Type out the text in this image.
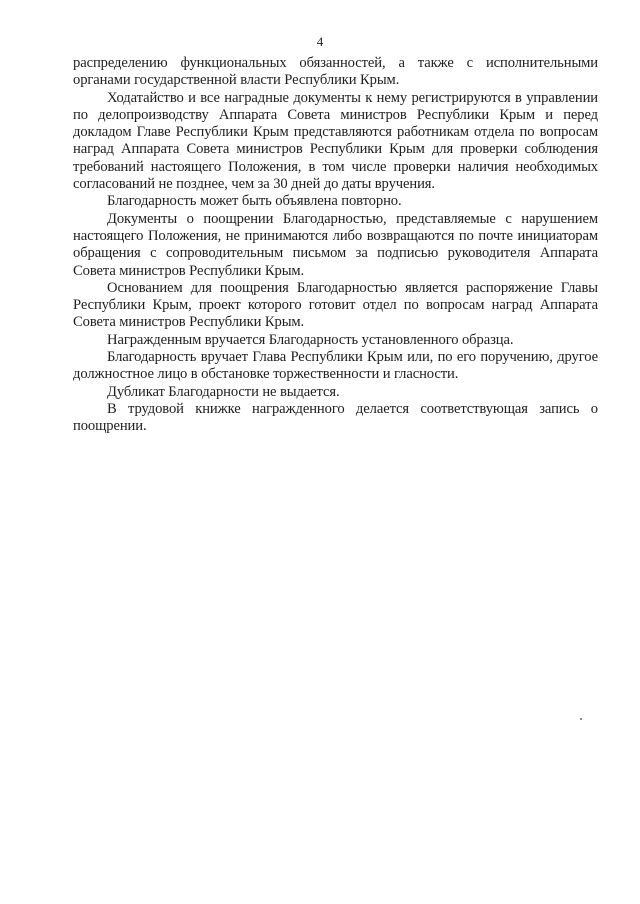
4

распределению функциональных обязанностей, а также с исполнительными органами государственной власти Республики Крым.

Ходатайство и все наградные документы к нему регистрируются в управлении по делопроизводству Аппарата Совета министров Республики Крым и перед докладом Главе Республики Крым представляются работникам отдела по вопросам наград Аппарата Совета министров Республики Крым для проверки соблюдения требований настоящего Положения, в том числе проверки наличия необходимых согласований не позднее, чем за 30 дней до даты вручения.

Благодарность может быть объявлена повторно.

Документы о поощрении Благодарностью, представляемые с нарушением настоящего Положения, не принимаются либо возвращаются по почте инициаторам обращения с сопроводительным письмом за подписью руководителя Аппарата Совета министров Республики Крым.

Основанием для поощрения Благодарностью является распоряжение Главы Республики Крым, проект которого готовит отдел по вопросам наград Аппарата Совета министров Республики Крым.

Награжденным вручается Благодарность установленного образца.

Благодарность вручает Глава Республики Крым или, по его поручению, другое должностное лицо в обстановке торжественности и гласности.

Дубликат Благодарности не выдается.

В трудовой книжке награжденного делается соответствующая запись о поощрении.
